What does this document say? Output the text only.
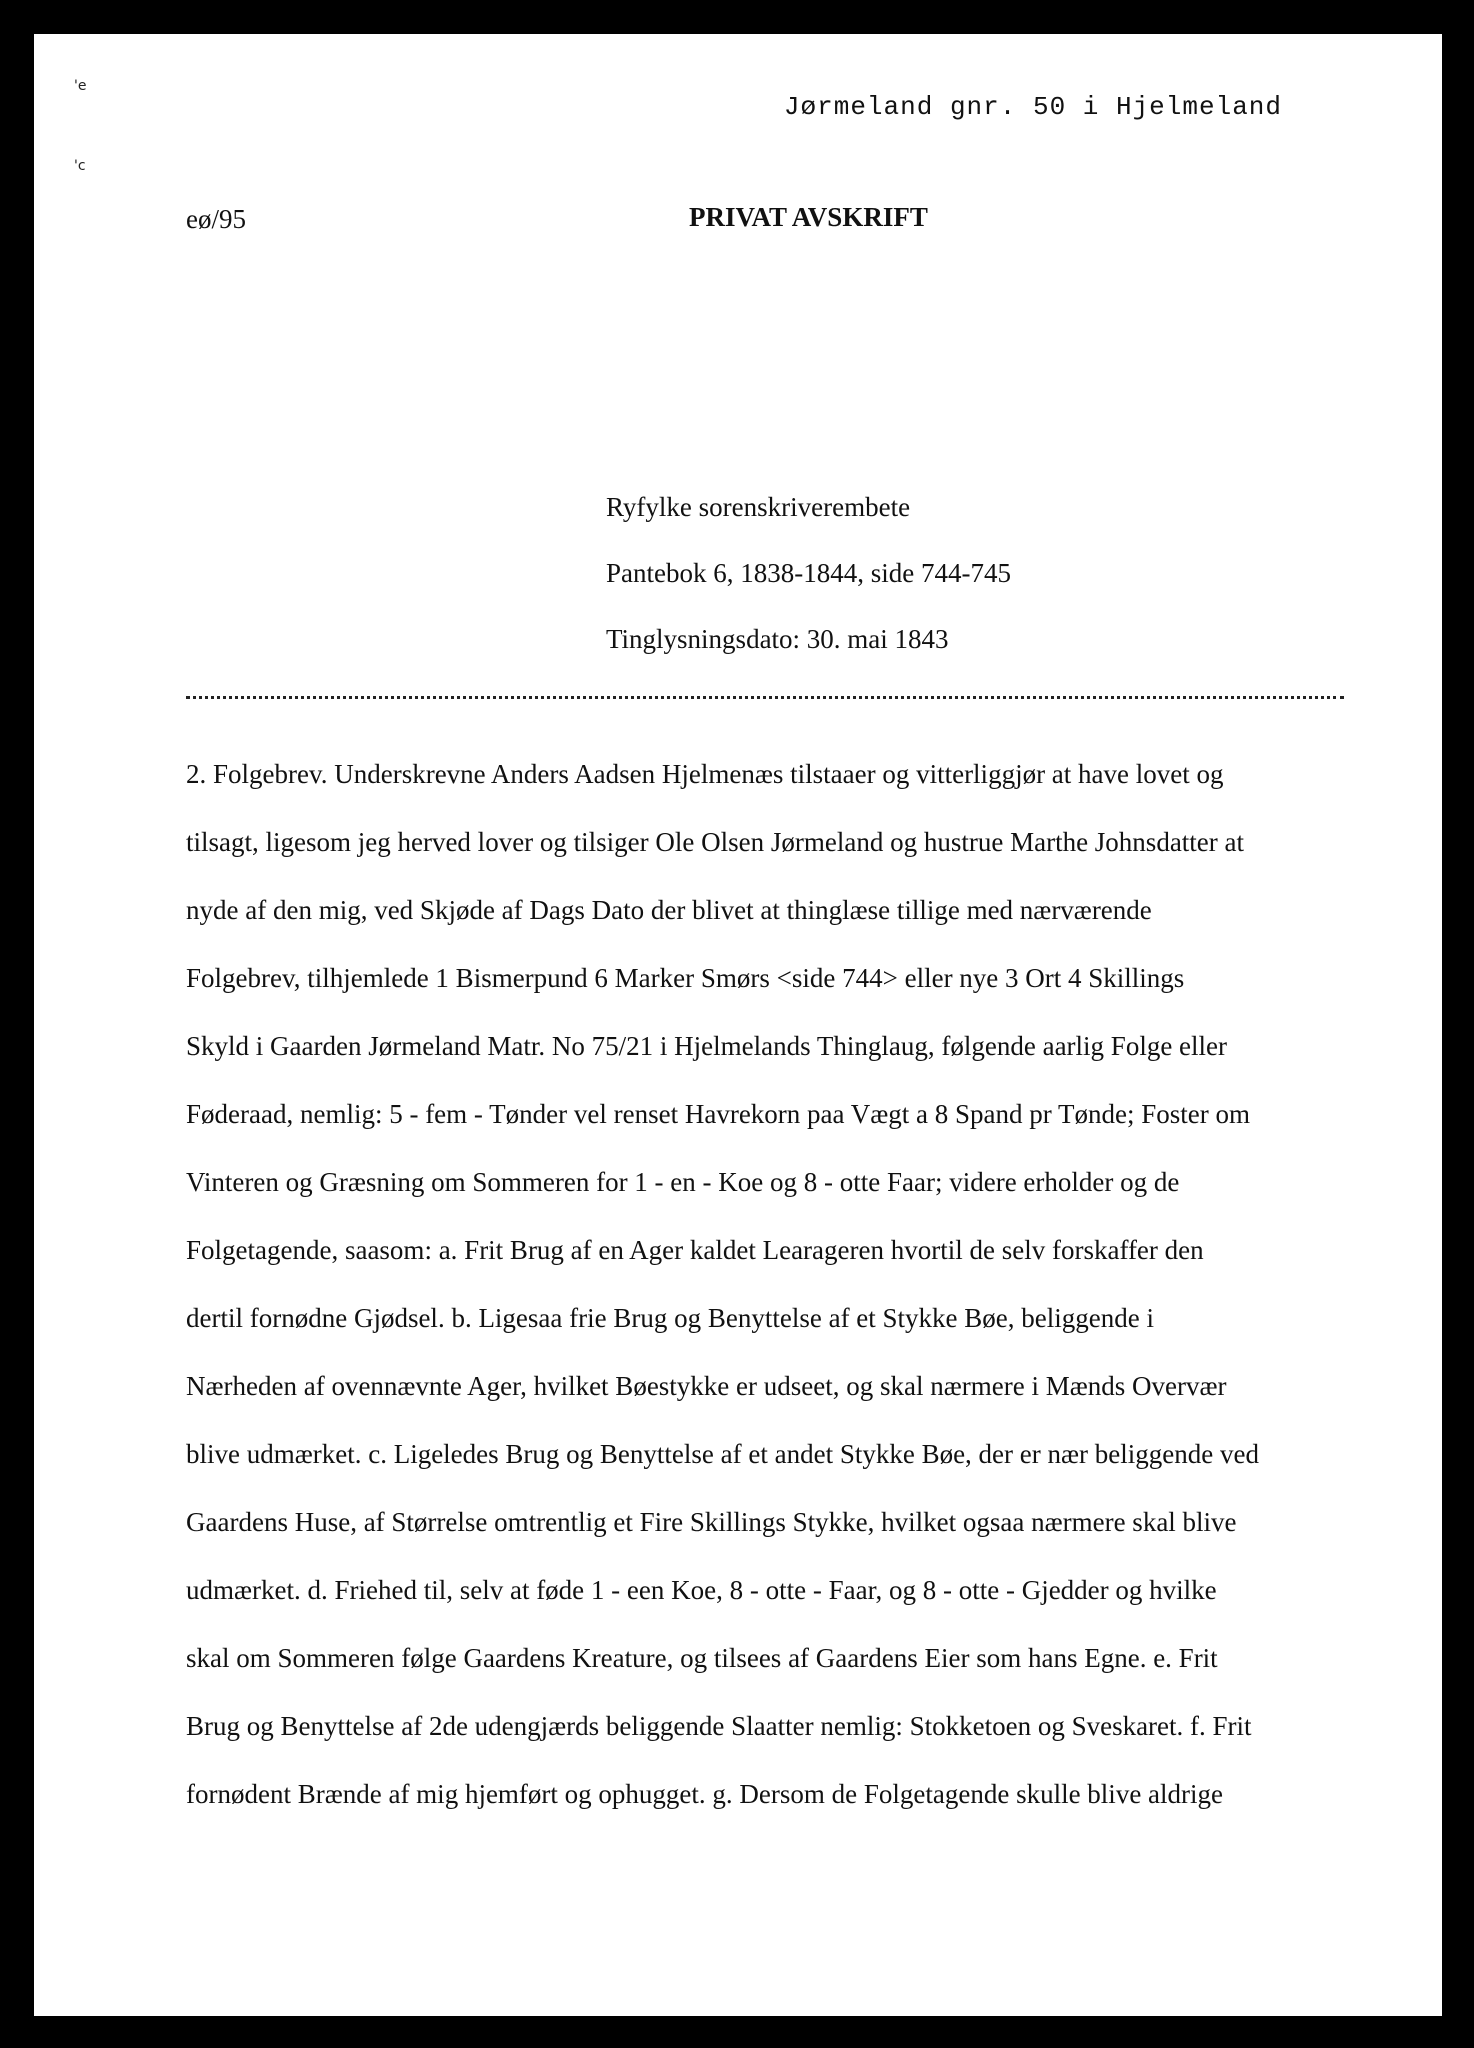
'e
'c
Jørmeland gnr. 50 i Hjelmeland
eø/95	PRIVAT AVSKRIFT
Ryfylke sorenskriverembete
Pantebok 6, 1838-1844, side 744-745
Tinglysningsdato: 30. mai 1843
2. Folgebrev. Underskrevne Anders Aadsen Hjelmenæs tilstaaer og vitterliggjør at have lovet og
tilsagt, ligesom jeg herved lover og tilsiger Ole Olsen Jørmeland og hustrue Marthe Johnsdatter at
nyde af den mig, ved Skjøde af Dags Dato der blivet at thinglæse tillige med nærværende
Folgebrev, tilhjemlede 1 Bismerpund 6 Marker Smørs <side 744> eller nye 3 Ort 4 Skillings
Skyld i Gaarden Jørmeland Matr. No 75/21 i Hjelmelands Thinglaug, følgende aarlig Folge eller
Føderaad, nemlig: 5 - fem - Tønder vel renset Havrekorn paa Vægt a 8 Spand pr Tønde; Foster om
Vinteren og Græsning om Sommeren for 1 - en - Koe og 8 - otte Faar; videre erholder og de
Folgetagende, saasom: a. Frit Brug af en Ager kaldet Learageren hvortil de selv forskaffer den
dertil fornødne Gjødsel. b. Ligesaa frie Brug og Benyttelse af et Stykke Bøe, beliggende i
Nærheden af ovennævnte Ager, hvilket Bøestykke er udseet, og skal nærmere i Mænds Overvær
blive udmærket. c. Ligeledes Brug og Benyttelse af et andet Stykke Bøe, der er nær beliggende ved
Gaardens Huse, af Størrelse omtrentlig et Fire Skillings Stykke, hvilket ogsaa nærmere skal blive
udmærket. d. Friehed til, selv at føde 1 - een Koe, 8 - otte - Faar, og 8 - otte - Gjedder og hvilke
skal om Sommeren følge Gaardens Kreature, og tilsees af Gaardens Eier som hans Egne. e. Frit
Brug og Benyttelse af 2de udengjærds beliggende Slaatter nemlig: Stokketoen og Sveskaret. f. Frit
fornødent Brænde af mig hjemført og ophugget. g. Dersom de Folgetagende skulle blive aldrige
